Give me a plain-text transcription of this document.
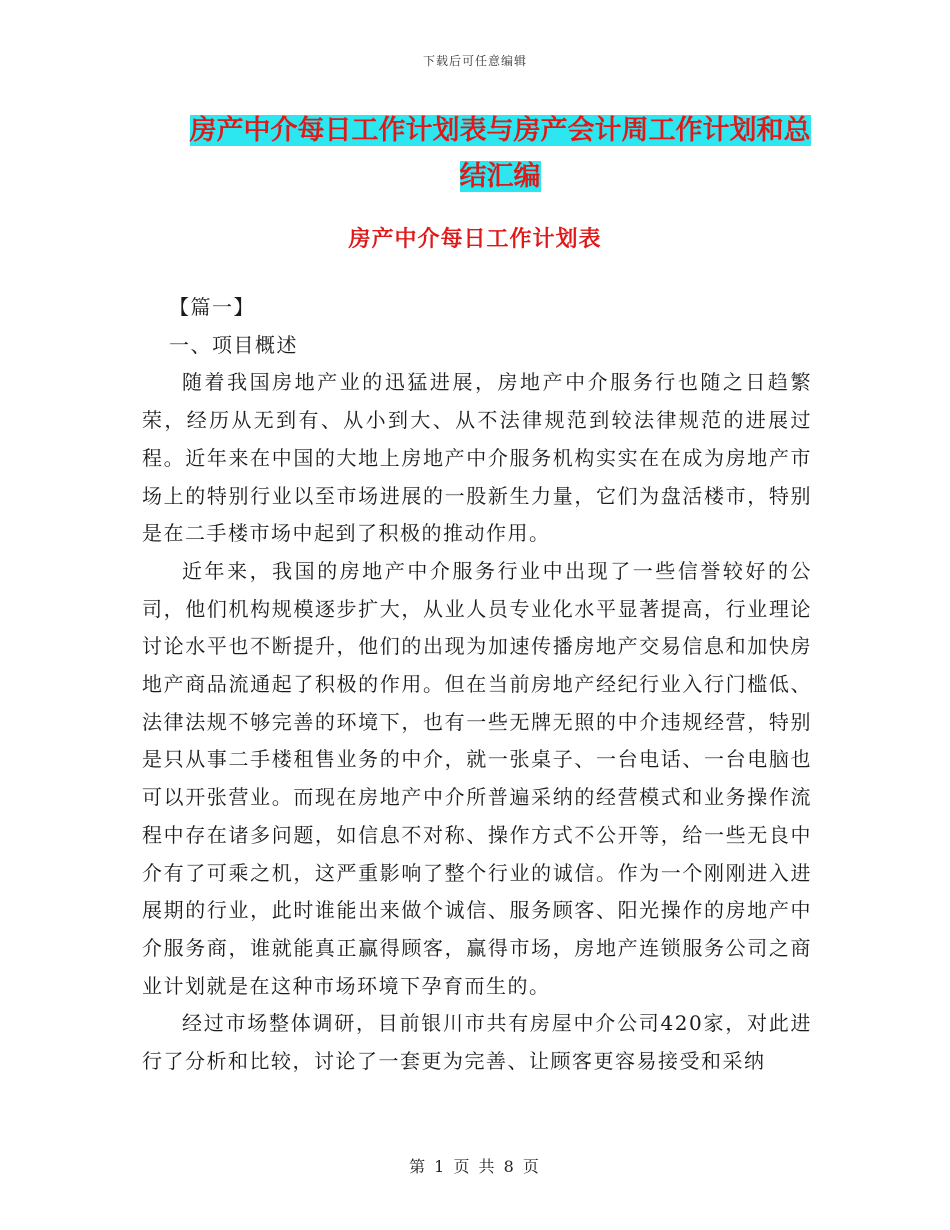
下载后可任意编辑
房产中介每日工作计划表与房产会计周工作计划和总
结汇编
房产中介每日工作计划表

【篇一】

一、项目概述

随着我国房地产业的迅猛进展，房地产中介服务行也随之日趋繁荣，经历从无到有、从小到大、从不法律规范到较法律规范的进展过程。近年来在中国的大地上房地产中介服务机构实实在在成为房地产市场上的特别行业以至市场进展的一股新生力量，它们为盘活楼市，特别是在二手楼市场中起到了积极的推动作用。

近年来，我国的房地产中介服务行业中出现了一些信誉较好的公司，他们机构规模逐步扩大，从业人员专业化水平显著提高，行业理论讨论水平也不断提升，他们的出现为加速传播房地产交易信息和加快房地产商品流通起了积极的作用。但在当前房地产经纪行业入行门槛低、法律法规不够完善的环境下，也有一些无牌无照的中介违规经营，特别是只从事二手楼租售业务的中介，就一张桌子、一台电话、一台电脑也可以开张营业。而现在房地产中介所普遍采纳的经营模式和业务操作流程中存在诸多问题，如信息不对称、操作方式不公开等，给一些无良中介有了可乘之机，这严重影响了整个行业的诚信。作为一个刚刚进入进展期的行业，此时谁能出来做个诚信、服务顾客、阳光操作的房地产中介服务商，谁就能真正赢得顾客，赢得市场，房地产连锁服务公司之商业计划就是在这种市场环境下孕育而生的。

经过市场整体调研，目前银川市共有房屋中介公司420家，对此进行了分析和比较，讨论了一套更为完善、让顾客更容易接受和采纳

第 1 页 共 8 页
